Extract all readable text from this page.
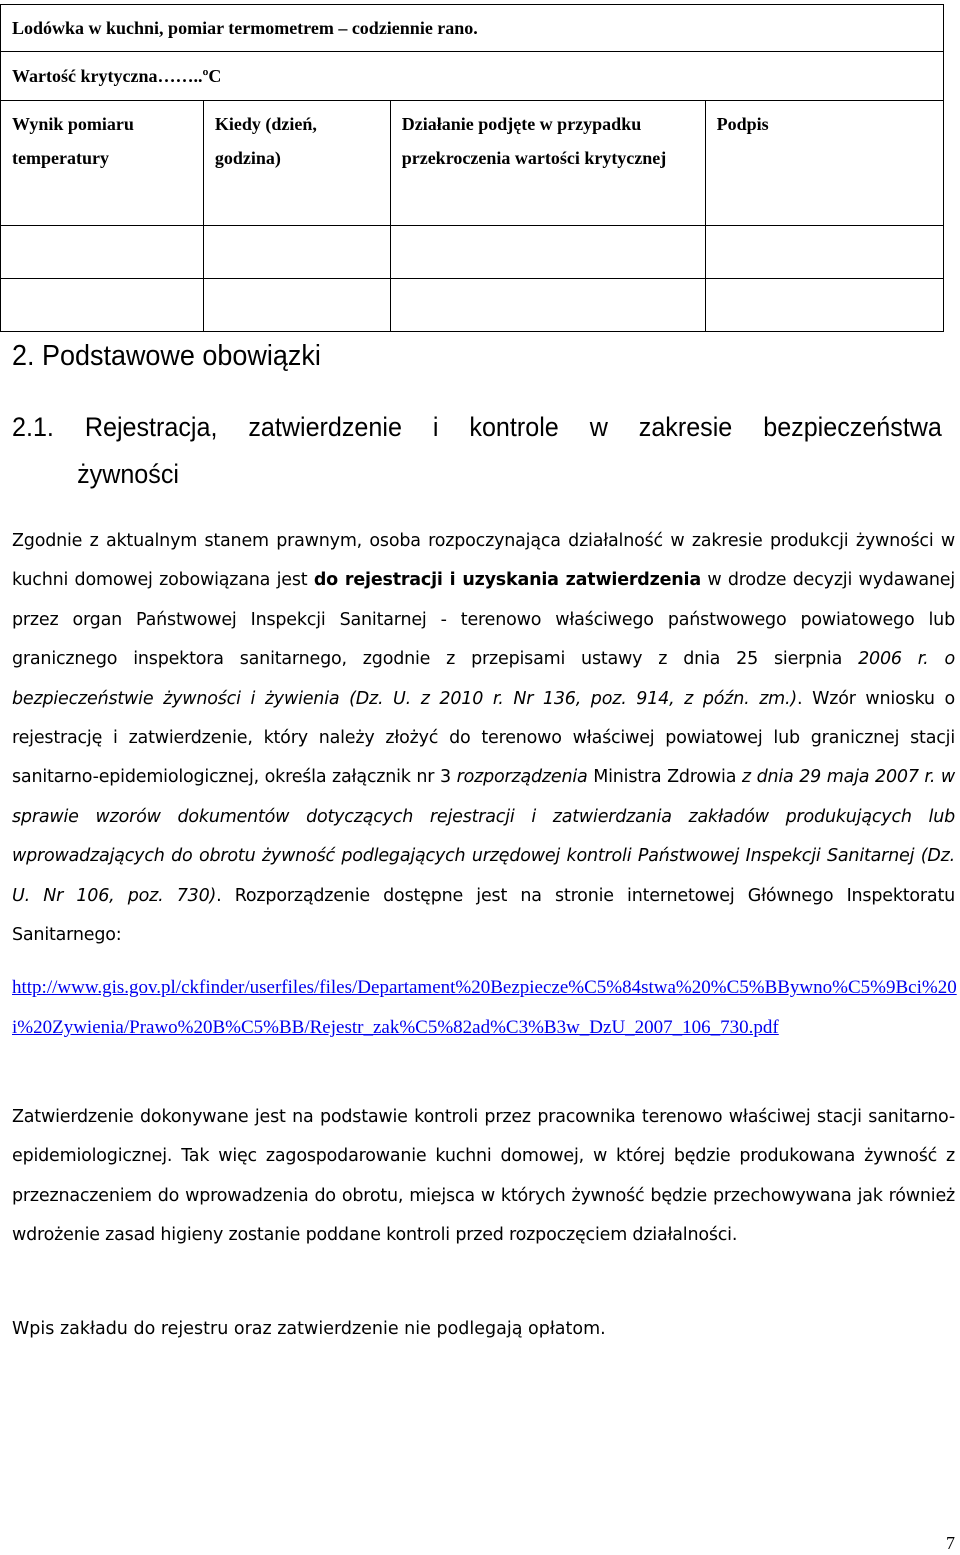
Lodówka w kuchni, pomiar termometrem – codziennie rano.			
Wartość krytyczna……..ºC			

Wynik pomiaru temperatury	Kiedy (dzień, godzina)	Działanie podjęte w przypadku przekroczenia wartości krytycznej	Podpis

2. Podstawowe obowiązki
2.1. Rejestracja, zatwierdzenie i kontrole w zakresie bezpieczeństwa
żywności

Zgodnie z aktualnym stanem prawnym, osoba rozpoczynająca działalność w zakresie produkcji żywności w kuchni domowej zobowiązana jest do rejestracji i uzyskania zatwierdzenia w drodze decyzji wydawanej przez organ Państwowej Inspekcji Sanitarnej - terenowo właściwego państwowego powiatowego lub granicznego inspektora sanitarnego, zgodnie z przepisami ustawy z dnia 25 sierpnia 2006 r. o bezpieczeństwie żywności i żywienia (Dz. U. z 2010 r. Nr 136, poz. 914, z późn. zm.). Wzór wniosku o rejestrację i zatwierdzenie, który należy złożyć do terenowo właściwej powiatowej lub granicznej stacji sanitarno-epidemiologicznej, określa załącznik nr 3 rozporządzenia Ministra Zdrowia z dnia 29 maja 2007 r. w sprawie wzorów dokumentów dotyczących rejestracji i zatwierdzania zakładów produkujących lub wprowadzających do obrotu żywność podlegających urzędowej kontroli Państwowej Inspekcji Sanitarnej (Dz. U. Nr 106, poz. 730). Rozporządzenie dostępne jest na stronie internetowej Głównego Inspektoratu Sanitarnego:

http://www.gis.gov.pl/ckfinder/userfiles/files/Departament%20Bezpiecze%C5%84stwa%20%C5%BBywno%C5%9Bci%20i%20Zywienia/Prawo%20B%C5%BB/Rejestr_zak%C5%82ad%C3%B3w_DzU_2007_106_730.pdf
Zatwierdzenie dokonywane jest na podstawie kontroli przez pracownika terenowo właściwej stacji sanitarno-epidemiologicznej. Tak więc zagospodarowanie kuchni domowej, w której będzie produkowana żywność z przeznaczeniem do wprowadzenia do obrotu, miejsca w których żywność będzie przechowywana jak również wdrożenie zasad higieny zostanie poddane kontroli przed rozpoczęciem działalności.
Wpis zakładu do rejestru oraz zatwierdzenie nie podlegają opłatom.
7
